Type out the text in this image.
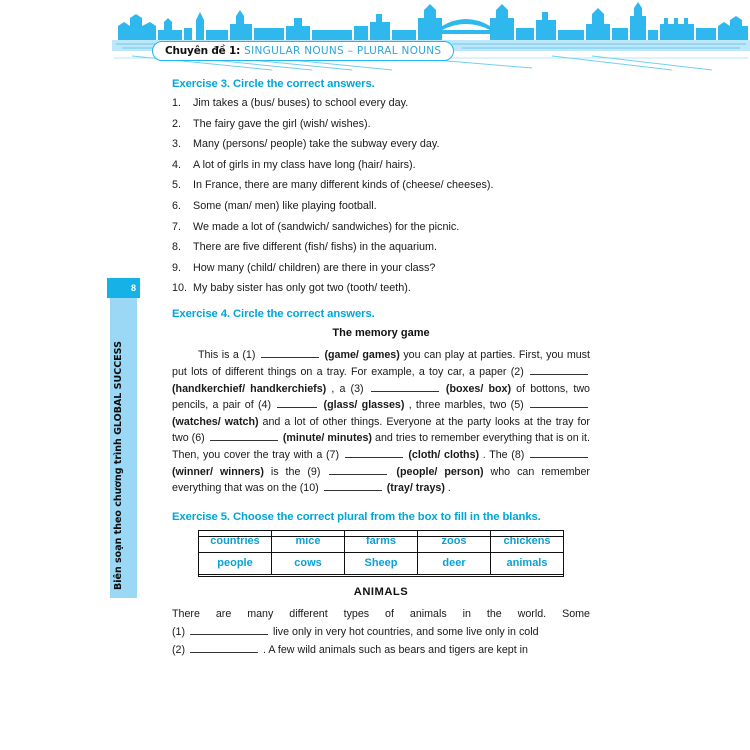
Chuyên đề 1: SINGULAR NOUNS – PLURAL NOUNS
8
Biên soạn theo chương trình GLOBAL SUCCESS
Exercise 3. Circle the correct answers.
1.	Jim takes a (bus/ buses) to school every day.
2.	The fairy gave the girl (wish/ wishes).
3.	Many (persons/ people) take the subway every day.
4.	A lot of girls in my class have long (hair/ hairs).
5.	In France, there are many different kinds of (cheese/ cheeses).
6.	Some (man/ men) like playing football.
7.	We made a lot of (sandwich/ sandwiches) for the picnic.
8.	There are five different (fish/ fishs) in the aquarium.
9.	How many (child/ children) are there in your class?
10. My baby sister has only got two (tooth/ teeth).
Exercise 4. Circle the correct answers.
The memory game

This is a (1)	(game/ games) you can play at parties. First, you must put lots of different things on a tray. For example, a toy car, a paper (2)  (handkerchief/ handkerchiefs) , a (3)	(boxes/ box) of bottons, two pencils, a pair of (4)	(glass/ glasses) , three marbles, two (5)  (watches/ watch) and a lot of other things. Everyone at the party looks at the tray for two (6)	(minute/ minutes) and tries to remember everything that is on it. Then, you cover the tray with a (7)	(cloth/ cloths) . The (8)  (winner/ winners) is the (9)	(people/ person) who can remember everything that was on the (10)	(tray/ trays) .

Exercise 5. Choose the correct plural from the box to fill in the blanks.
countries	mice	farms	zoos	chickens
people	cows	Sheep	deer	animals
ANIMALS
There are many different types of animals in the world. Some
(1)	live only in very hot countries, and some live only in cold
(2)	. A few wild animals such as bears and tigers are kept in
